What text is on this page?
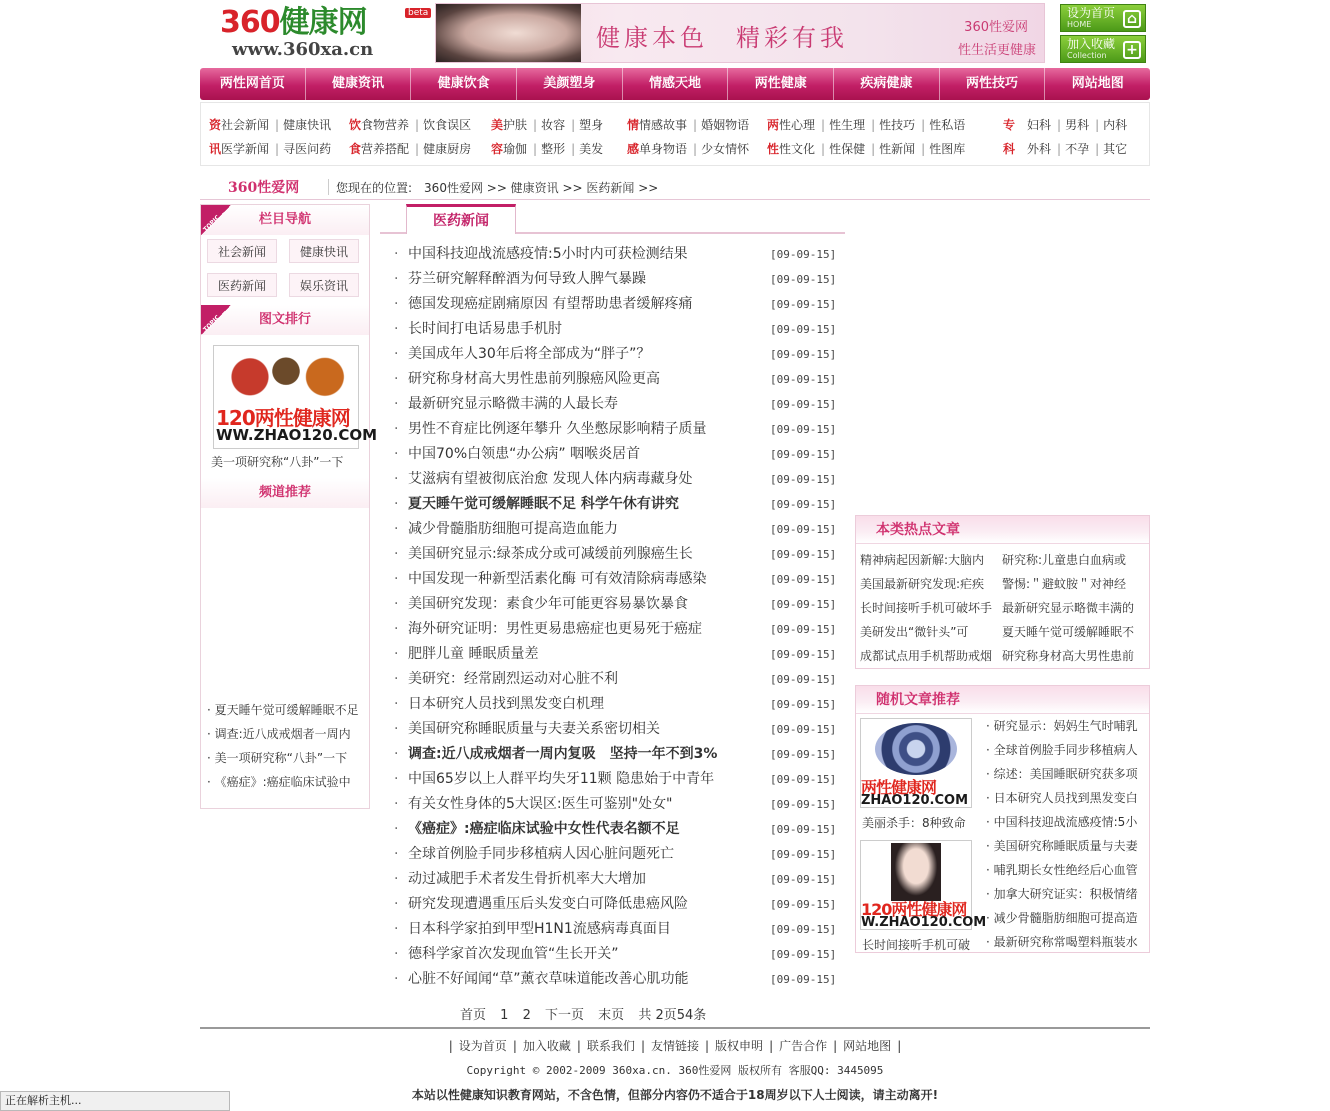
360健康网	beta
www.360xa.cn	健康本色　精彩有我	360性爱网
性生活更健康
设为首页
HOME	⌂
加入收藏
Collection	+
两性网首页	健康资讯	健康饮食	美颜塑身	情感天地	两性健康	疾病健康	两性技巧	网站地图
资社会新闻 | 健康快讯
讯医学新闻 | 寻医问药
饮食物营养 | 饮食误区
食营养搭配 | 健康厨房
美护肤 | 妆容 | 塑身
容瑜伽 | 整形 | 美发
情情感故事 | 婚姻物语
感单身物语 | 少女情怀
两性心理 | 性生理 | 性技巧 | 性私语
性性文化 | 性保健 | 性新闻 | 性图库
专　 妇科 | 男科 | 内科
科　 外科 | 不孕 | 其它
360性爱网	您现在的位置:　360性爱网 >> 健康资讯 >> 医药新闻 >>
TOPIC	栏目导航
社会新闻	健康快讯
医药新闻	娱乐资讯
TOPIC	图文排行
120两性健康网
WW.ZHAO120.COM
美一项研究称“八卦”一下
频道推荐
· 夏天睡午觉可缓解睡眠不足
· 调查:近八成戒烟者一周内
· 美一项研究称“八卦”一下
· 《癌症》:癌症临床试验中
医药新闻
· 中国科技迎战流感疫情:5小时内可获检测结果	[09-09-15]
· 芬兰研究解释醉酒为何导致人脾气暴躁	[09-09-15]
· 德国发现癌症剧痛原因 有望帮助患者缓解疼痛	[09-09-15]
· 长时间打电话易患手机肘	[09-09-15]
· 美国成年人30年后将全部成为“胖子”？	[09-09-15]
· 研究称身材高大男性患前列腺癌风险更高	[09-09-15]
· 最新研究显示略微丰满的人最长寿	[09-09-15]
· 男性不育症比例逐年攀升 久坐憋尿影响精子质量	[09-09-15]
· 中国70%白领患“办公病” 咽喉炎居首	[09-09-15]
· 艾滋病有望被彻底治愈 发现人体内病毒藏身处	[09-09-15]
· 夏天睡午觉可缓解睡眠不足 科学午休有讲究	[09-09-15]
· 减少骨髓脂肪细胞可提高造血能力	[09-09-15]
· 美国研究显示:绿茶成分或可减缓前列腺癌生长	[09-09-15]
· 中国发现一种新型活素化酶 可有效清除病毒感染	[09-09-15]
· 美国研究发现：素食少年可能更容易暴饮暴食	[09-09-15]
· 海外研究证明：男性更易患癌症也更易死于癌症	[09-09-15]
· 肥胖儿童 睡眠质量差	[09-09-15]
· 美研究：经常剧烈运动对心脏不利	[09-09-15]
· 日本研究人员找到黑发变白机理	[09-09-15]
· 美国研究称睡眠质量与夫妻关系密切相关	[09-09-15]
· 调查:近八成戒烟者一周内复吸　坚持一年不到3%	[09-09-15]
· 中国65岁以上人群平均失牙11颗 隐患始于中青年	[09-09-15]
· 有关女性身体的5大误区:医生可鉴别"处女"	[09-09-15]
· 《癌症》:癌症临床试验中女性代表名额不足	[09-09-15]
· 全球首例脸手同步移植病人因心脏问题死亡	[09-09-15]
· 动过减肥手术者发生骨折机率大大增加	[09-09-15]
· 研究发现遭遇重压后头发变白可降低患癌风险	[09-09-15]
· 日本科学家拍到甲型H1N1流感病毒真面目	[09-09-15]
· 德科学家首次发现血管“生长开关”	[09-09-15]
· 心脏不好闻闻“草”薰衣草味道能改善心肌功能	[09-09-15]
首页 1 2 下一页 末页 共 2页54条
本类热点文章
精神病起因新解:大脑内	研究称:儿童患白血病或
美国最新研究发现:疟疾	警惕:＂避蚊胺＂对神经
长时间接听手机可破坏手 最新研究显示略微丰满的
美研发出“微针头”可	夏天睡午觉可缓解睡眠不
成都试点用手机帮助戒烟 研究称身材高大男性患前
随机文章推荐
两性健康网
ZHAO120.COM
美丽杀手：8种致命
120两性健康网
W.ZHAO120.COM
长时间接听手机可破
· 研究显示：妈妈生气时哺乳
· 全球首例脸手同步移植病人
· 综述：美国睡眠研究获多项
· 日本研究人员找到黑发变白
· 中国科技迎战流感疫情:5小
· 美国研究称睡眠质量与夫妻
· 哺乳期长女性绝经后心血管
· 加拿大研究证实：积极情绪
· 减少骨髓脂肪细胞可提高造
· 最新研究称常喝塑料瓶装水
| 设为首页 | 加入收藏 | 联系我们 | 友情链接 | 版权申明 | 广告合作 | 网站地图 |
Copyright © 2002-2009 360xa.cn. 360性爱网 版权所有 客服QQ: 3445095
本站以性健康知识教育网站，不含色情，但部分内容仍不适合于18周岁以下人士阅读，请主动离开!
正在解析主机...
